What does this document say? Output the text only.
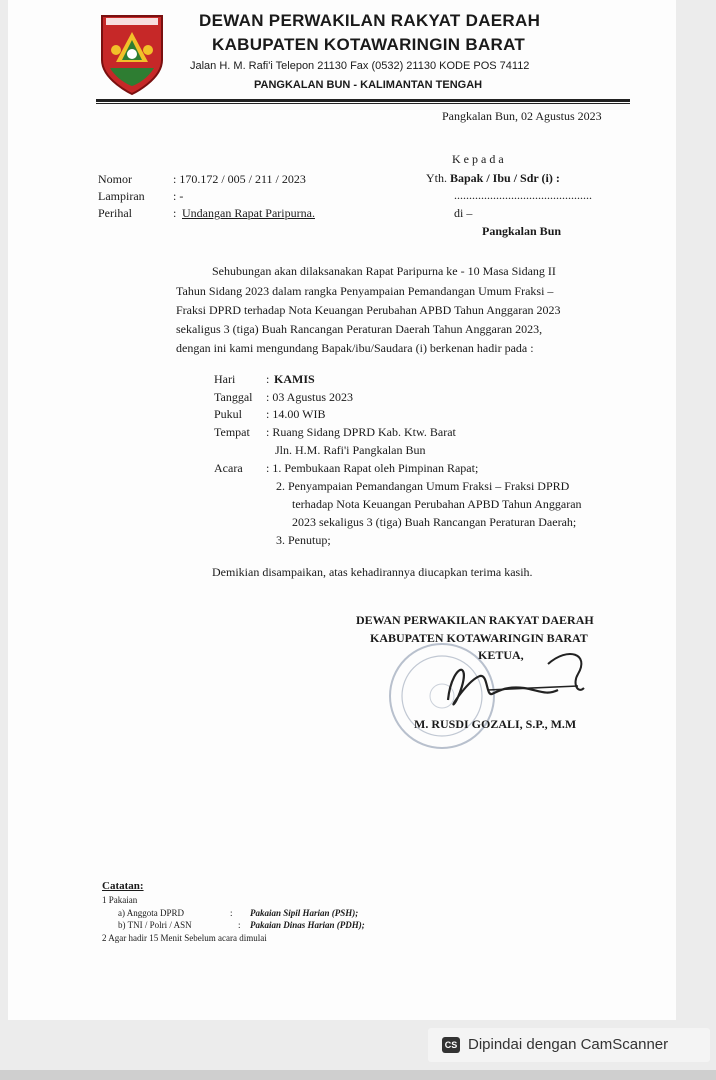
DEWAN PERWAKILAN RAKYAT DAERAH
KABUPATEN KOTAWARINGIN BARAT
Jalan H. M. Rafi'i Telepon 21130 Fax (0532) 21130 KODE POS 74112
PANGKALAN BUN - KALIMANTAN TENGAH
Pangkalan Bun, 02 Agustus 2023
K e p a d a
Yth. Bapak / Ibu / Sdr (i) :
..............................................
di –
Pangkalan Bun
Nomor	: 170.172 / 005 / 211 / 2023
Lampiran : -
Perihal	: Undangan Rapat Paripurna.
Sehubungan akan dilaksanakan Rapat Paripurna ke - 10 Masa Sidang II
Tahun Sidang 2023 dalam rangka Penyampaian Pemandangan Umum Fraksi –
Fraksi DPRD terhadap Nota Keuangan Perubahan APBD Tahun Anggaran 2023
sekaligus 3 (tiga) Buah Rancangan Peraturan Daerah Tahun Anggaran 2023,
dengan ini kami mengundang Bapak/ibu/Saudara (i) berkenan hadir pada :
Hari	: KAMIS
Tanggal : 03 Agustus 2023
Pukul : 14.00 WIB
Tempat : Ruang Sidang DPRD Kab. Ktw. Barat
Jln. H.M. Rafi'i Pangkalan Bun
Acara : 1. Pembukaan Rapat oleh Pimpinan Rapat;
2. Penyampaian Pemandangan Umum Fraksi – Fraksi DPRD
terhadap Nota Keuangan Perubahan APBD Tahun Anggaran
2023 sekaligus 3 (tiga) Buah Rancangan Peraturan Daerah;
3. Penutup;
Demikian disampaikan, atas kehadirannya diucapkan terima kasih.
DEWAN PERWAKILAN RAKYAT DAERAH
KABUPATEN KOTAWARINGIN BARAT
KETUA,
M. RUSDI GOZALI, S.P., M.M
Catatan:
1 Pakaian
a) Anggota DPRD	: Pakaian Sipil Harian (PSH);
b) TNI / Polri / ASN	: Pakaian Dinas Harian (PDH);
2 Agar hadir 15 Menit Sebelum acara dimulai
CS Dipindai dengan CamScanner
